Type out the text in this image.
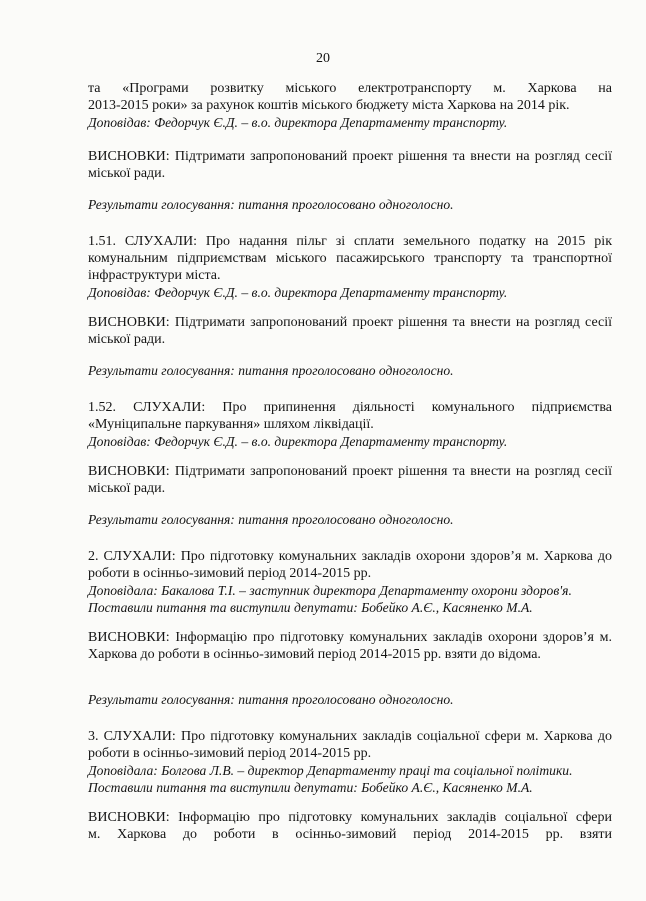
20

та «Програми розвитку міського електротранспорту м. Харкова на

2013-2015 роки» за рахунок коштів міського бюджету міста Харкова на 2014 рік.

Доповідав: Федорчук Є.Д. – в.о. директора Департаменту транспорту.

ВИСНОВКИ: Підтримати запропонований проект рішення та внести на розгляд сесії міської ради.

Результати голосування: питання проголосовано одноголосно.

1.51. СЛУХАЛИ: Про надання пільг зі сплати земельного податку на 2015 рік комунальним підприємствам міського пасажирського транспорту та транспортної інфраструктури міста.

Доповідав: Федорчук Є.Д. – в.о. директора Департаменту транспорту.

ВИСНОВКИ: Підтримати запропонований проект рішення та внести на розгляд сесії міської ради.

Результати голосування: питання проголосовано одноголосно.

1.52. СЛУХАЛИ: Про припинення діяльності комунального підприємства

«Муніципальне паркування» шляхом ліквідації.

Доповідав: Федорчук Є.Д. – в.о. директора Департаменту транспорту.

ВИСНОВКИ: Підтримати запропонований проект рішення та внести на розгляд сесії міської ради.

Результати голосування: питання проголосовано одноголосно.

2. СЛУХАЛИ: Про підготовку комунальних закладів охорони здоров’я м. Харкова до роботи в осінньо-зимовий період 2014-2015 рр.

Доповідала: Бакалова Т.І. – заступник директора Департаменту охорони здоров'я.

Поставили питання та виступили депутати: Бобейко А.Є., Касяненко М.А.

ВИСНОВКИ: Інформацію про підготовку комунальних закладів охорони здоров’я м. Харкова до роботи в осінньо-зимовий період 2014-2015 рр. взяти до відома.

Результати голосування: питання проголосовано одноголосно.

3. СЛУХАЛИ: Про підготовку комунальних закладів соціальної сфери м. Харкова до роботи в осінньо-зимовий період 2014-2015 рр.

Доповідала: Болгова Л.В. – директор Департаменту праці та соціальної політики.

Поставили питання та виступили депутати: Бобейко А.Є., Касяненко М.А.

ВИСНОВКИ: Інформацію про підготовку комунальних закладів соціальної сфери

м. Харкова до роботи в осінньо-зимовий період 2014-2015 рр. взяти
